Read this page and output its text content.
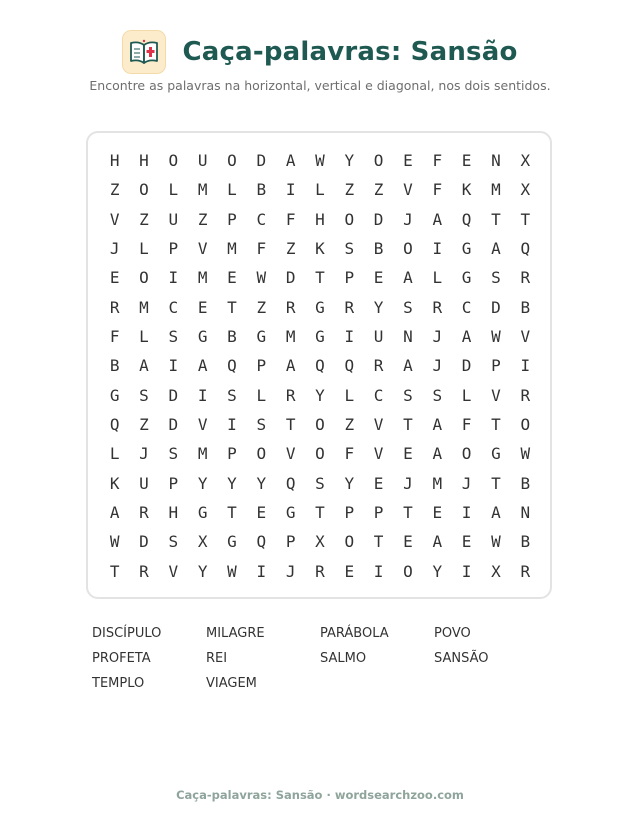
Caça-palavras: Sansão
Encontre as palavras na horizontal, vertical e diagonal, nos dois sentidos.
H	H	O	U	O	D	A	W	Y	O	E	F	E	N	X
Z	O	L	M	L	B	I	L	Z	Z	V	F	K	M	X
V	Z	U	Z	P	C	F	H	O	D	J	A	Q	T	T
J	L	P	V	M	F	Z	K	S	B	O	I	G	A	Q
E	O	I	M	E	W	D	T	P	E	A	L	G	S	R
R	M	C	E	T	Z	R	G	R	Y	S	R	C	D	B
F	L	S	G	B	G	M	G	I	U	N	J	A	W	V
B	A	I	A	Q	P	A	Q	Q	R	A	J	D	P	I
G	S	D	I	S	L	R	Y	L	C	S	S	L	V	R
Q	Z	D	V	I	S	T	O	Z	V	T	A	F	T	O
L	J	S	M	P	O	V	O	F	V	E	A	O	G	W
K	U	P	Y	Y	Y	Q	S	Y	E	J	M	J	T	B
A	R	H	G	T	E	G	T	P	P	T	E	I	A	N
W	D	S	X	G	Q	P	X	O	T	E	A	E	W	B
T	R	V	Y	W	I	J	R	E	I	O	Y	I	X	R
DISCÍPULO	MILAGRE	PARÁBOLA	POVO
PROFETA	REI	SALMO	SANSÃO
TEMPLO	VIAGEM
Caça-palavras: Sansão · wordsearchzoo.com
